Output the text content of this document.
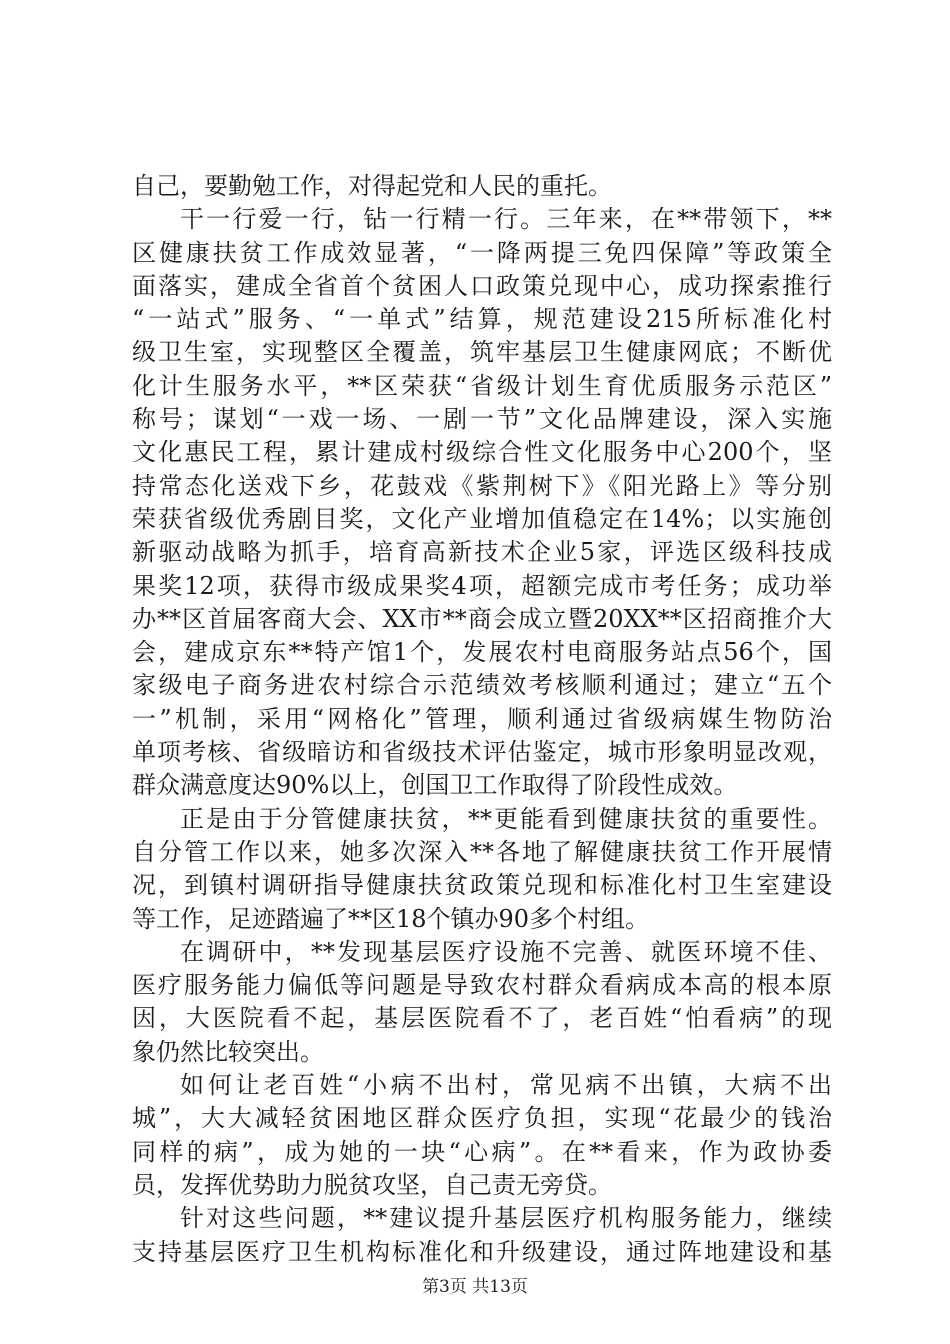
自己，要勤勉工作，对得起党和人民的重托。
干一行爱一行，钻一行精一行。三年来，在**带领下，**
区健康扶贫工作成效显著，“一降两提三免四保障”等政策全
面落实，建成全省首个贫困人口政策兑现中心，成功探索推行
“一站式”服务、“一单式”结算，规范建设215所标准化村
级卫生室，实现整区全覆盖，筑牢基层卫生健康网底；不断优
化计生服务水平，**区荣获“省级计划生育优质服务示范区”
称号；谋划“一戏一场、一剧一节”文化品牌建设，深入实施
文化惠民工程，累计建成村级综合性文化服务中心200个，坚
持常态化送戏下乡，花鼓戏《紫荆树下》《阳光路上》等分别
荣获省级优秀剧目奖，文化产业增加值稳定在14%；以实施创
新驱动战略为抓手，培育高新技术企业5家，评选区级科技成
果奖12项，获得市级成果奖4项，超额完成市考任务；成功举
办**区首届客商大会、XX市**商会成立暨20XX**区招商推介大
会，建成京东**特产馆1个，发展农村电商服务站点56个，国
家级电子商务进农村综合示范绩效考核顺利通过；建立“五个
一”机制，采用“网格化”管理，顺利通过省级病媒生物防治
单项考核、省级暗访和省级技术评估鉴定，城市形象明显改观，
群众满意度达90%以上，创国卫工作取得了阶段性成效。
正是由于分管健康扶贫，**更能看到健康扶贫的重要性。
自分管工作以来，她多次深入**各地了解健康扶贫工作开展情
况，到镇村调研指导健康扶贫政策兑现和标准化村卫生室建设
等工作，足迹踏遍了**区18个镇办90多个村组。
在调研中，**发现基层医疗设施不完善、就医环境不佳、
医疗服务能力偏低等问题是导致农村群众看病成本高的根本原
因，大医院看不起，基层医院看不了，老百姓“怕看病”的现
象仍然比较突出。
如何让老百姓“小病不出村，常见病不出镇，大病不出
城”，大大减轻贫困地区群众医疗负担，实现“花最少的钱治
同样的病”，成为她的一块“心病”。在**看来，作为政协委
员，发挥优势助力脱贫攻坚，自己责无旁贷。
针对这些问题，**建议提升基层医疗机构服务能力，继续
支持基层医疗卫生机构标准化和升级建设，通过阵地建设和基
第3页 共13页
